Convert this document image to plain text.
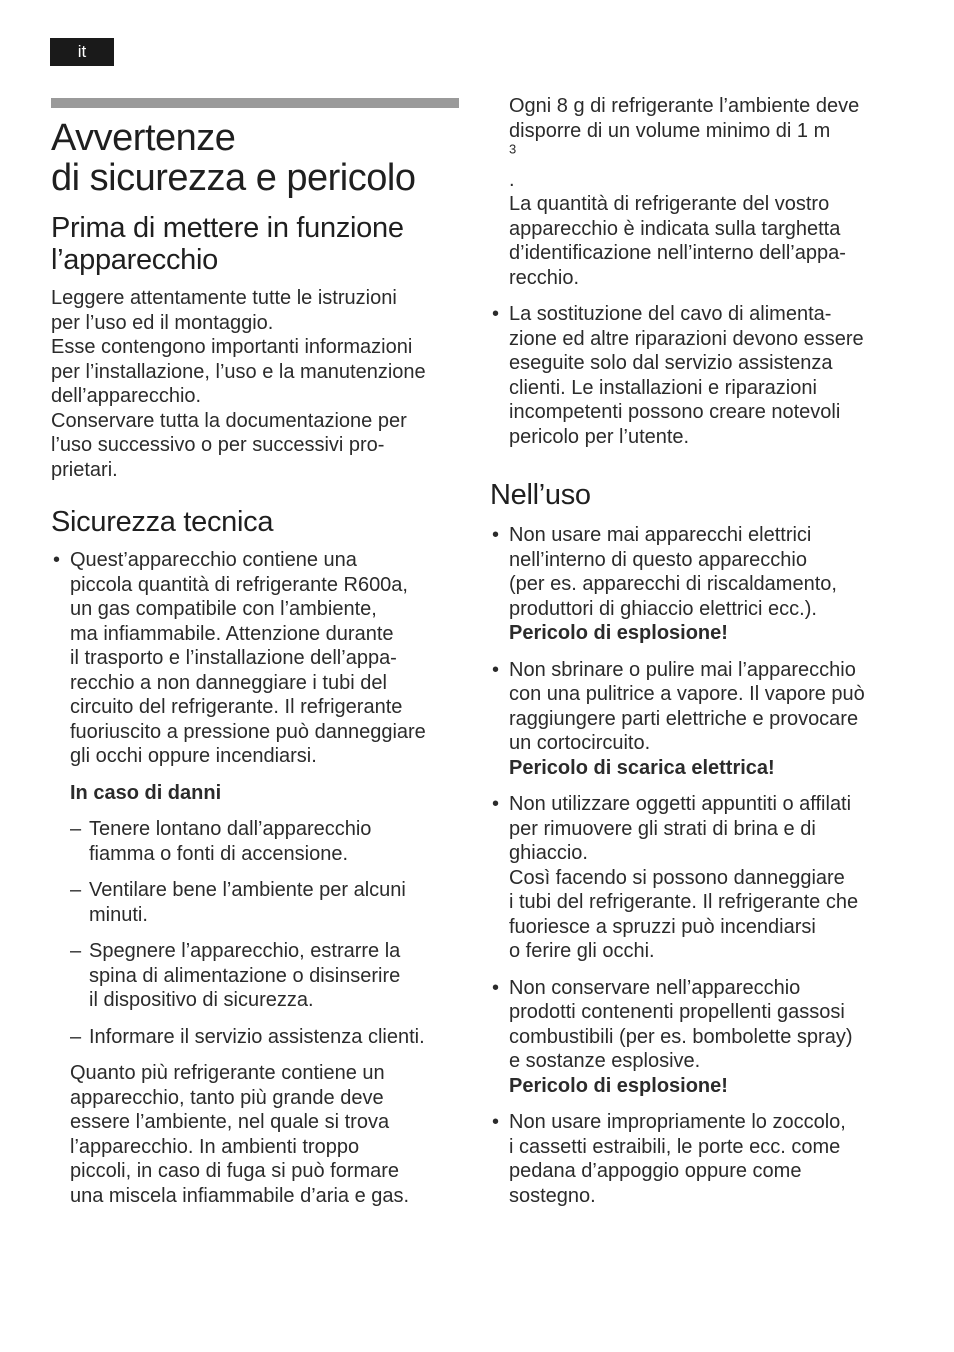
it
Avvertenze
di sicurezza e pericolo
Prima di mettere in funzione
l’apparecchio
Leggere attentamente tutte le istruzioni
per l’uso ed il montaggio.
Esse contengono importanti informazioni
per l’installazione, l’uso e la manutenzione
dell’apparecchio.
Conservare tutta la documentazione per
l’uso successivo o per successivi pro-
prietari.
Sicurezza tecnica
• Quest’apparecchio contiene una
piccola quantità di refrigerante R600a,
un gas compatibile con l’ambiente,
ma infiammabile. Attenzione durante
il trasporto e l’installazione dell’appa-
recchio a non danneggiare i tubi del
circuito del refrigerante. Il refrigerante
fuoriuscito a pressione può danneggiare
gli occhi oppure incendiarsi.
In caso di danni
– Tenere lontano dall’apparecchio
fiamma o fonti di accensione.
– Ventilare bene l’ambiente per alcuni
minuti.
– Spegnere l’apparecchio, estrarre la
spina di alimentazione o disinserire
il dispositivo di sicurezza.
– Informare il servizio assistenza clienti.
Quanto più refrigerante contiene un
apparecchio, tanto più grande deve
essere l’ambiente, nel quale si trova
l’apparecchio. In ambienti troppo
piccoli, in caso di fuga si può formare
una miscela infiammabile d’aria e gas.
Ogni 8 g di refrigerante l’ambiente deve
disporre di un volume minimo di 1 m
$^3$
.
La quantità di refrigerante del vostro
apparecchio è indicata sulla targhetta
d’identificazione nell’interno dell’appa-
recchio.
• La sostituzione del cavo di alimenta-
zione ed altre riparazioni devono essere
eseguite solo dal servizio assistenza
clienti. Le installazioni e riparazioni
incompetenti possono creare notevoli
pericolo per l’utente.
Nell’uso
• Non usare mai apparecchi elettrici
nell’interno di questo apparecchio
(per es. apparecchi di riscaldamento,
produttori di ghiaccio elettrici ecc.).
Pericolo di esplosione!
• Non sbrinare o pulire mai l’apparecchio
con una pulitrice a vapore. Il vapore può
raggiungere parti elettriche e provocare
un cortocircuito.
Pericolo di scarica elettrica!
• Non utilizzare oggetti appuntiti o affilati
per rimuovere gli strati di brina e di
ghiaccio.
Così facendo si possono danneggiare
i tubi del refrigerante. Il refrigerante che
fuoriesce a spruzzi può incendiarsi
o ferire gli occhi.
• Non conservare nell’apparecchio
prodotti contenenti propellenti gassosi
combustibili (per es. bombolette spray)
e sostanze esplosive.
Pericolo di esplosione!
• Non usare impropriamente lo zoccolo,
i cassetti estraibili, le porte ecc. come
pedana d’appoggio oppure come
sostegno.
